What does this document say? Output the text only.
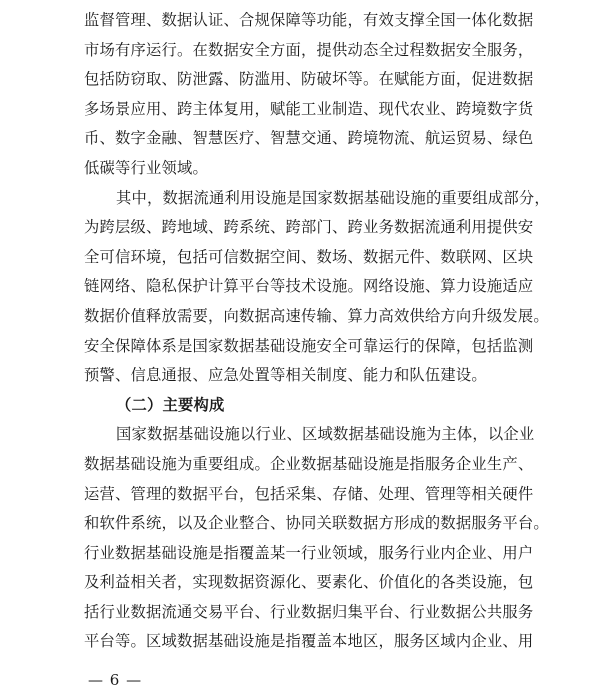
监督管理、数据认证、合规保障等功能，有效支撑全国一体化数据
市场有序运行。在数据安全方面，提供动态全过程数据安全服务，
包括防窃取、防泄露、防滥用、防破坏等。在赋能方面，促进数据
多场景应用、跨主体复用，赋能工业制造、现代农业、跨境数字货
币、数字金融、智慧医疗、智慧交通、跨境物流、航运贸易、绿色
低碳等行业领域。
其中，数据流通利用设施是国家数据基础设施的重要组成部分，
为跨层级、跨地域、跨系统、跨部门、跨业务数据流通利用提供安
全可信环境，包括可信数据空间、数场、数据元件、数联网、区块
链网络、隐私保护计算平台等技术设施。网络设施、算力设施适应
数据价值释放需要，向数据高速传输、算力高效供给方向升级发展。
安全保障体系是国家数据基础设施安全可靠运行的保障，包括监测
预警、信息通报、应急处置等相关制度、能力和队伍建设。
（二）主要构成
国家数据基础设施以行业、区域数据基础设施为主体，以企业
数据基础设施为重要组成。企业数据基础设施是指服务企业生产、
运营、管理的数据平台，包括采集、存储、处理、管理等相关硬件
和软件系统，以及企业整合、协同关联数据方形成的数据服务平台。
行业数据基础设施是指覆盖某一行业领域，服务行业内企业、用户
及利益相关者，实现数据资源化、要素化、价值化的各类设施，包
括行业数据流通交易平台、行业数据归集平台、行业数据公共服务
平台等。区域数据基础设施是指覆盖本地区，服务区域内企业、用
— 6 —
